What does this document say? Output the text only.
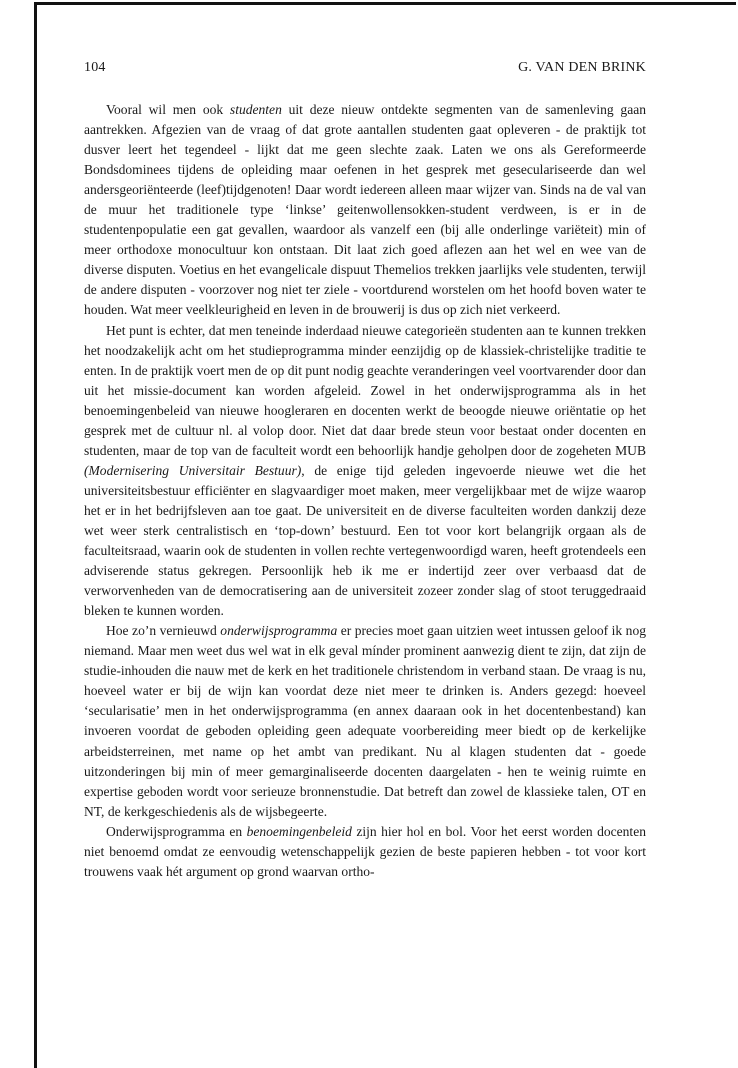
104	G. VAN DEN BRINK

Vooral wil men ook studenten uit deze nieuw ontdekte segmenten van de samenleving gaan aantrekken. Afgezien van de vraag of dat grote aantallen studenten gaat opleveren - de praktijk tot dusver leert het tegendeel - lijkt dat me geen slechte zaak. Laten we ons als Gereformeerde Bondsdominees tijdens de opleiding maar oefenen in het gesprek met geseculariseerde dan wel andersgeoriënteerde (leef)tijdgenoten! Daar wordt iedereen alleen maar wijzer van. Sinds na de val van de muur het traditionele type ‘linkse’ geitenwollensokken-student verdween, is er in de studentenpopulatie een gat gevallen, waardoor als vanzelf een (bij alle onderlinge variëteit) min of meer orthodoxe monocultuur kon ontstaan. Dit laat zich goed aflezen aan het wel en wee van de diverse disputen. Voetius en het evangelicale dispuut Themelios trekken jaarlijks vele studenten, terwijl de andere disputen - voorzover nog niet ter ziele - voortdurend worstelen om het hoofd boven water te houden. Wat meer veelkleurigheid en leven in de brouwerij is dus op zich niet verkeerd.

Het punt is echter, dat men teneinde inderdaad nieuwe categorieën studenten aan te kunnen trekken het noodzakelijk acht om het studieprogramma minder eenzijdig op de klassiek-christelijke traditie te enten. In de praktijk voert men de op dit punt nodig geachte veranderingen veel voortvarender door dan uit het missie-document kan worden afgeleid. Zowel in het onderwijsprogramma als in het benoemingenbeleid van nieuwe hoogleraren en docenten werkt de beoogde nieuwe oriëntatie op het gesprek met de cultuur nl. al volop door. Niet dat daar brede steun voor bestaat onder docenten en studenten, maar de top van de faculteit wordt een behoorlijk handje geholpen door de zogeheten MUB (Modernisering Universitair Bestuur), de enige tijd geleden ingevoerde nieuwe wet die het universiteitsbestuur efficiënter en slagvaardiger moet maken, meer vergelijkbaar met de wijze waarop het er in het bedrijfsleven aan toe gaat. De universiteit en de diverse faculteiten worden dankzij deze wet weer sterk centralistisch en ‘top-down’ bestuurd. Een tot voor kort belangrijk orgaan als de faculteitsraad, waarin ook de studenten in vollen rechte vertegenwoordigd waren, heeft grotendeels een adviserende status gekregen. Persoonlijk heb ik me er indertijd zeer over verbaasd dat de verworvenheden van de democratisering aan de universiteit zozeer zonder slag of stoot teruggedraaid bleken te kunnen worden.

Hoe zo’n vernieuwd onderwijsprogramma er precies moet gaan uitzien weet intussen geloof ik nog niemand. Maar men weet dus wel wat in elk geval mínder prominent aanwezig dient te zijn, dat zijn de studie-inhouden die nauw met de kerk en het traditionele christendom in verband staan. De vraag is nu, hoeveel water er bij de wijn kan voordat deze niet meer te drinken is. Anders gezegd: hoeveel ‘secularisatie’ men in het onderwijsprogramma (en annex daaraan ook in het docentenbestand) kan invoeren voordat de geboden opleiding geen adequate voorbereiding meer biedt op de kerkelijke arbeidsterreinen, met name op het ambt van predikant. Nu al klagen studenten dat - goede uitzonderingen bij min of meer gemarginaliseerde docenten daargelaten - hen te weinig ruimte en expertise geboden wordt voor serieuze bronnenstudie. Dat betreft dan zowel de klassieke talen, OT en NT, de kerkgeschiedenis als de wijsbegeerte.

Onderwijsprogramma en benoemingenbeleid zijn hier hol en bol. Voor het eerst worden docenten niet benoemd omdat ze eenvoudig wetenschappelijk gezien de beste papieren hebben - tot voor kort trouwens vaak hét argument op grond waarvan ortho-
